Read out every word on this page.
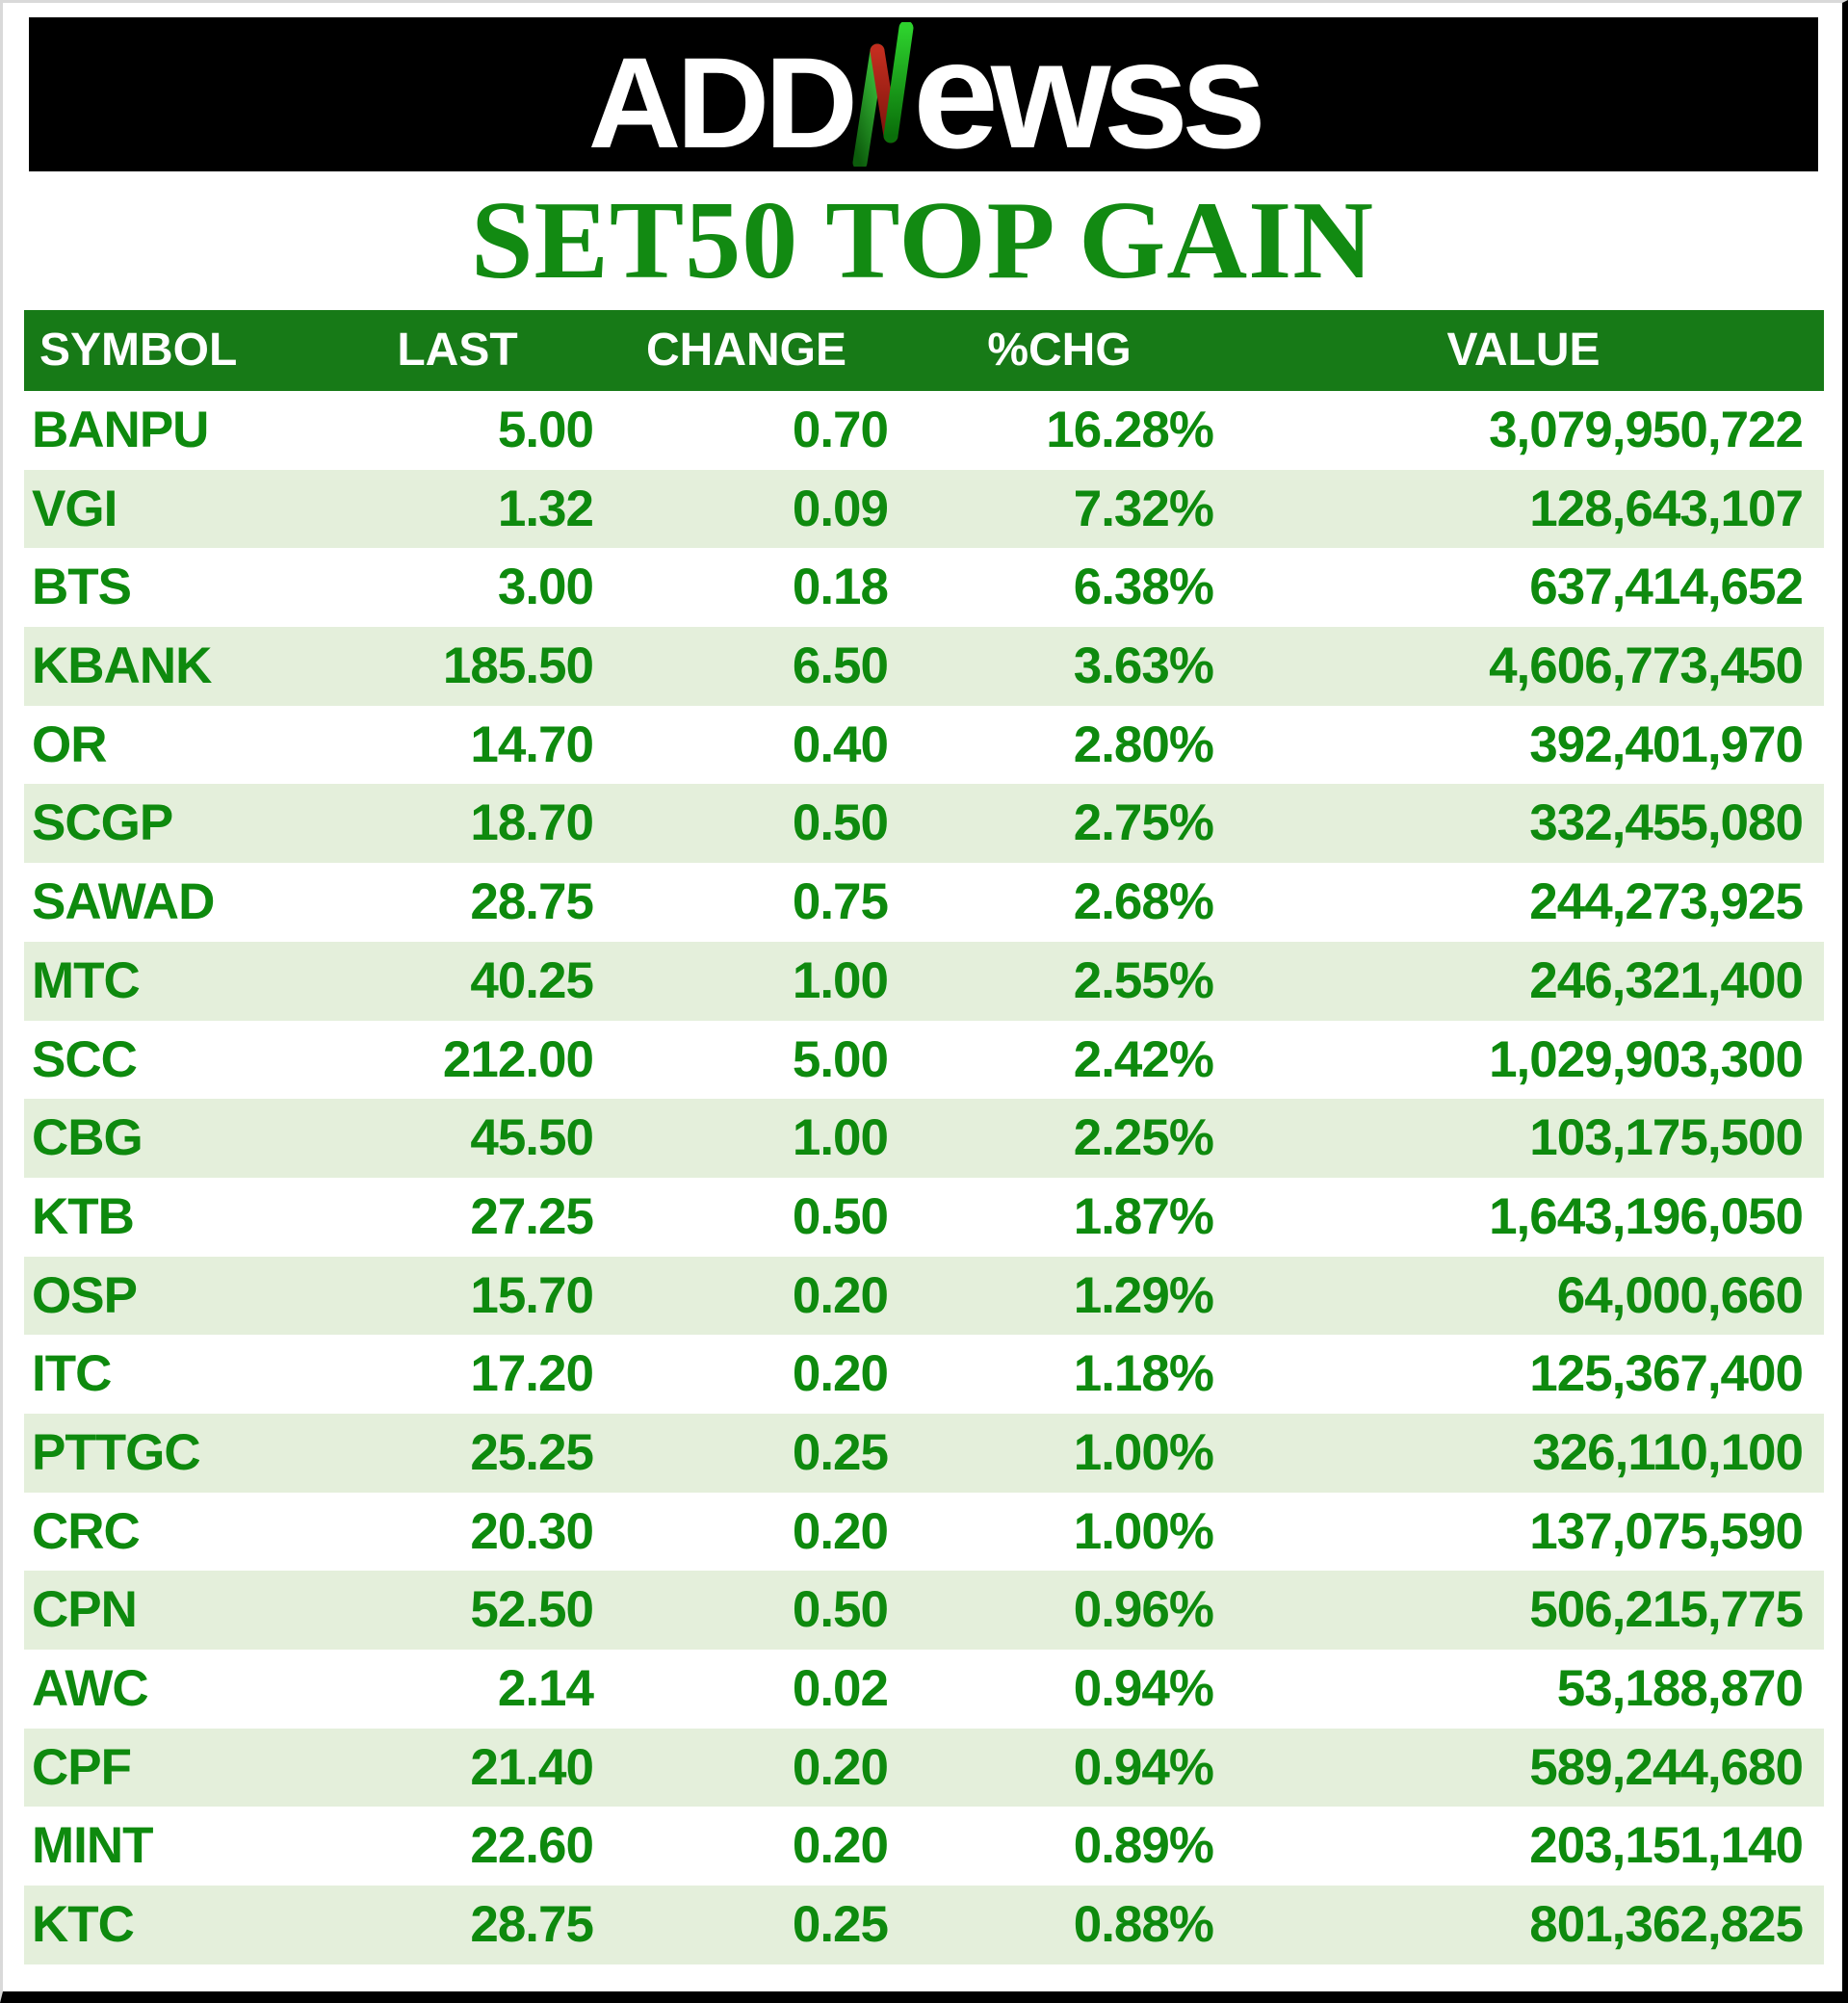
ADD ewss
SET50 TOP GAIN
SYMBOL	LAST	CHANGE	%CHG	VALUE
BANPU	5.00	0.70	16.28%	3,079,950,722
VGI	1.32	0.09	7.32%	128,643,107
BTS	3.00	0.18	6.38%	637,414,652
KBANK	185.50	6.50	3.63%	4,606,773,450
OR	14.70	0.40	2.80%	392,401,970
SCGP	18.70	0.50	2.75%	332,455,080
SAWAD	28.75	0.75	2.68%	244,273,925
MTC	40.25	1.00	2.55%	246,321,400
SCC	212.00	5.00	2.42%	1,029,903,300
CBG	45.50	1.00	2.25%	103,175,500
KTB	27.25	0.50	1.87%	1,643,196,050
OSP	15.70	0.20	1.29%	64,000,660
ITC	17.20	0.20	1.18%	125,367,400
PTTGC	25.25	0.25	1.00%	326,110,100
CRC	20.30	0.20	1.00%	137,075,590
CPN	52.50	0.50	0.96%	506,215,775
AWC	2.14	0.02	0.94%	53,188,870
CPF	21.40	0.20	0.94%	589,244,680
MINT	22.60	0.20	0.89%	203,151,140
KTC	28.75	0.25	0.88%	801,362,825
